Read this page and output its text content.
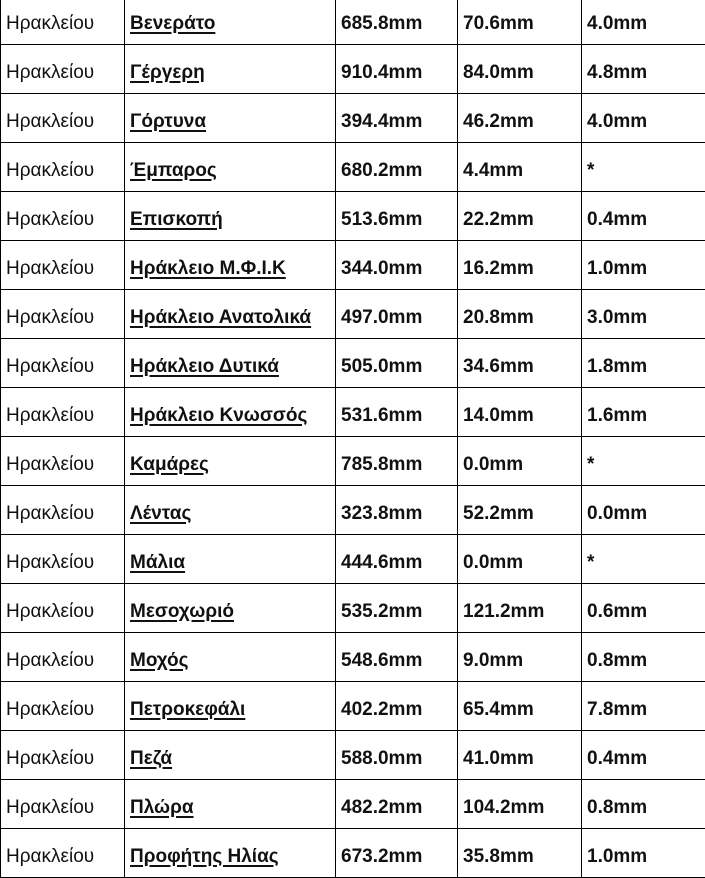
Ηρακλείου	Βενεράτο	685.8mm	70.6mm	4.0mm
Ηρακλείου	Γέργερη	910.4mm	84.0mm	4.8mm
Ηρακλείου	Γόρτυνα	394.4mm	46.2mm	4.0mm
Ηρακλείου	Έμπαρος	680.2mm	4.4mm	*
Ηρακλείου	Επισκοπή	513.6mm	22.2mm	0.4mm
Ηρακλείου	Ηράκλειο Μ.Φ.Ι.Κ	344.0mm	16.2mm	1.0mm
Ηρακλείου	Ηράκλειο Ανατολικά	497.0mm	20.8mm	3.0mm
Ηρακλείου	Ηράκλειο Δυτικά	505.0mm	34.6mm	1.8mm
Ηρακλείου	Ηράκλειο Κνωσσός	531.6mm	14.0mm	1.6mm
Ηρακλείου	Καμάρες	785.8mm	0.0mm	*
Ηρακλείου	Λέντας	323.8mm	52.2mm	0.0mm
Ηρακλείου	Μάλια	444.6mm	0.0mm	*
Ηρακλείου	Μεσοχωριό	535.2mm	121.2mm	0.6mm
Ηρακλείου	Μοχός	548.6mm	9.0mm	0.8mm
Ηρακλείου	Πετροκεφάλι	402.2mm	65.4mm	7.8mm
Ηρακλείου	Πεζά	588.0mm	41.0mm	0.4mm
Ηρακλείου	Πλώρα	482.2mm	104.2mm	0.8mm
Ηρακλείου	Προφήτης Ηλίας	673.2mm	35.8mm	1.0mm
